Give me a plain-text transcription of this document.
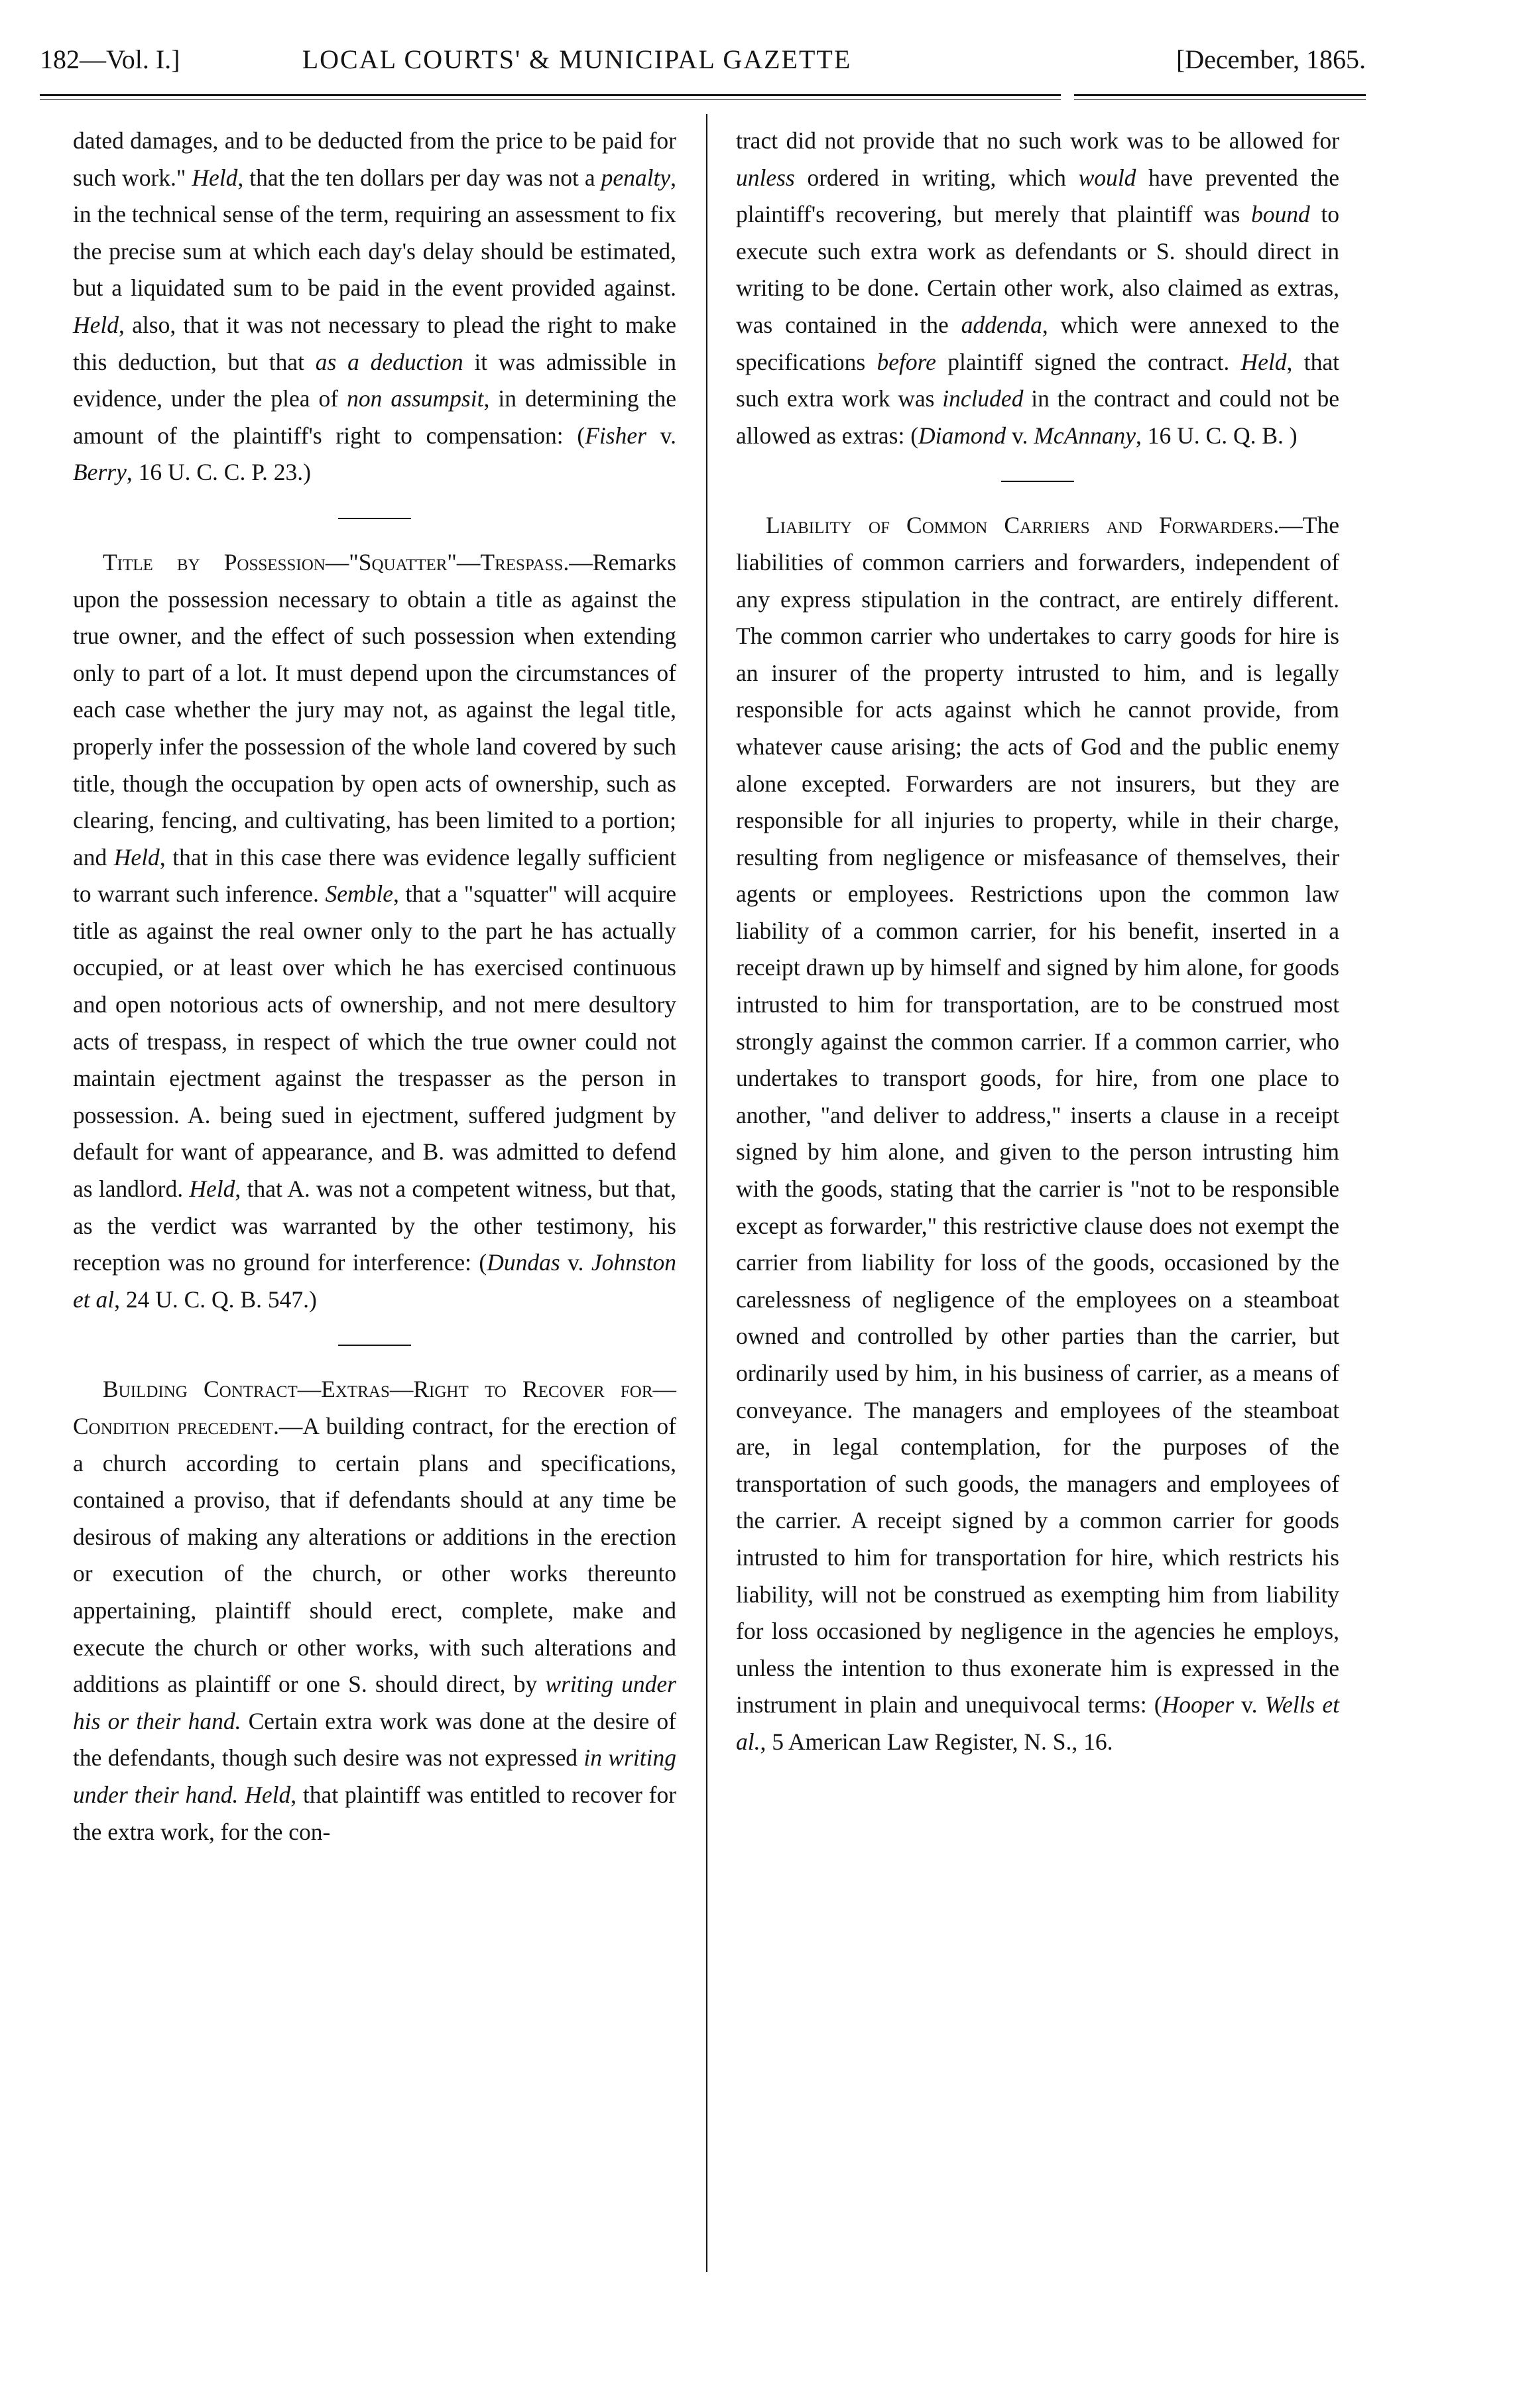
182—Vol. I.]	LOCAL COURTS' & MUNICIPAL GAZETTE	[December, 1865.

dated damages, and to be deducted from the price to be paid for such work." Held, that the ten dollars per day was not a penalty, in the technical sense of the term, requiring an assessment to fix the precise sum at which each day's delay should be estimated, but a liquidated sum to be paid in the event provided against. Held, also, that it was not necessary to plead the right to make this deduction, but that as a deduction it was admissible in evidence, under the plea of non assumpsit, in determining the amount of the plaintiff's right to compensation: (Fisher v. Berry, 16 U. C. C. P. 23.)

Title by Possession—"Squatter"—Trespass.—Remarks upon the possession necessary to obtain a title as against the true owner, and the effect of such possession when extending only to part of a lot. It must depend upon the circumstances of each case whether the jury may not, as against the legal title, properly infer the possession of the whole land covered by such title, though the occupation by open acts of ownership, such as clearing, fencing, and cultivating, has been limited to a portion; and Held, that in this case there was evidence legally sufficient to warrant such inference. Semble, that a "squatter" will acquire title as against the real owner only to the part he has actually occupied, or at least over which he has exercised continuous and open notorious acts of ownership, and not mere desultory acts of trespass, in respect of which the true owner could not maintain ejectment against the trespasser as the person in possession. A. being sued in ejectment, suffered judgment by default for want of appearance, and B. was admitted to defend as landlord. Held, that A. was not a competent witness, but that, as the verdict was warranted by the other testimony, his reception was no ground for interference: (Dundas v. Johnston et al, 24 U. C. Q. B. 547.)

Building Contract—Extras—Right to Recover for—Condition precedent.—A building contract, for the erection of a church according to certain plans and specifications, contained a proviso, that if defendants should at any time be desirous of making any alterations or additions in the erection or execution of the church, or other works thereunto appertaining, plaintiff should erect, complete, make and execute the church or other works, with such alterations and additions as plaintiff or one S. should direct, by writing under his or their hand. Certain extra work was done at the desire of the defendants, though such desire was not expressed in writing under their hand. Held, that plaintiff was entitled to recover for the extra work, for the con-

tract did not provide that no such work was to be allowed for unless ordered in writing, which would have prevented the plaintiff's recovering, but merely that plaintiff was bound to execute such extra work as defendants or S. should direct in writing to be done. Certain other work, also claimed as extras, was contained in the addenda, which were annexed to the specifications before plaintiff signed the contract. Held, that such extra work was included in the contract and could not be allowed as extras: (Diamond v. McAnnany, 16 U. C. Q. B. )

Liability of Common Carriers and Forwarders.—The liabilities of common carriers and forwarders, independent of any express stipulation in the contract, are entirely different. The common carrier who undertakes to carry goods for hire is an insurer of the property intrusted to him, and is legally responsible for acts against which he cannot provide, from whatever cause arising; the acts of God and the public enemy alone excepted. Forwarders are not insurers, but they are responsible for all injuries to property, while in their charge, resulting from negligence or misfeasance of themselves, their agents or employees. Restrictions upon the common law liability of a common carrier, for his benefit, inserted in a receipt drawn up by himself and signed by him alone, for goods intrusted to him for transportation, are to be construed most strongly against the common carrier. If a common carrier, who undertakes to transport goods, for hire, from one place to another, "and deliver to address," inserts a clause in a receipt signed by him alone, and given to the person intrusting him with the goods, stating that the carrier is "not to be responsible except as forwarder," this restrictive clause does not exempt the carrier from liability for loss of the goods, occasioned by the carelessness of negligence of the employees on a steamboat owned and controlled by other parties than the carrier, but ordinarily used by him, in his business of carrier, as a means of conveyance. The managers and employees of the steamboat are, in legal contemplation, for the purposes of the transportation of such goods, the managers and employees of the carrier. A receipt signed by a common carrier for goods intrusted to him for transportation for hire, which restricts his liability, will not be construed as exempting him from liability for loss occasioned by negligence in the agencies he employs, unless the intention to thus exonerate him is expressed in the instrument in plain and unequivocal terms: (Hooper v. Wells et al., 5 American Law Register, N. S., 16.
